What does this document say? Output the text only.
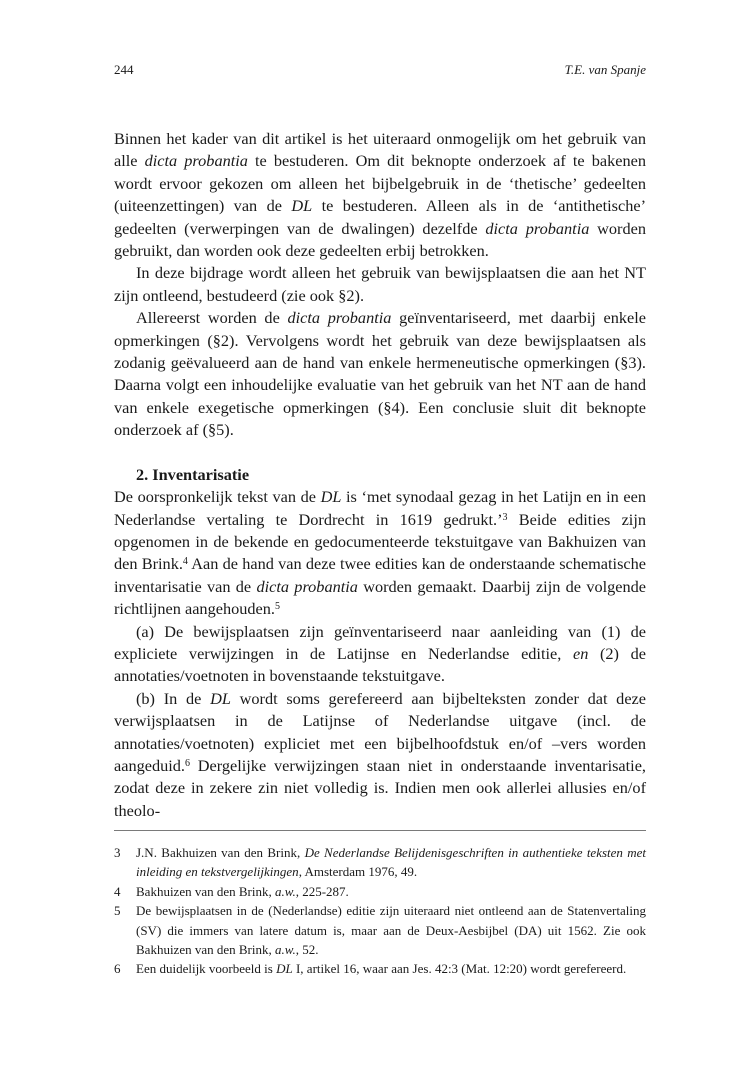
244	T.E. van Spanje

Binnen het kader van dit artikel is het uiteraard onmogelijk om het gebruik van alle dicta probantia te bestuderen. Om dit beknopte onderzoek af te bakenen wordt ervoor gekozen om alleen het bijbelgebruik in de ‘thetische’ gedeelten (uiteenzettingen) van de DL te bestuderen. Alleen als in de ‘antithetische’ gedeelten (verwerpingen van de dwalingen) dezelfde dicta probantia worden gebruikt, dan worden ook deze gedeelten erbij betrokken.

In deze bijdrage wordt alleen het gebruik van bewijsplaatsen die aan het NT zijn ontleend, bestudeerd (zie ook §2).

Allereerst worden de dicta probantia geïnventariseerd, met daarbij enkele opmerkingen (§2). Vervolgens wordt het gebruik van deze bewijsplaatsen als zodanig geëvalueerd aan de hand van enkele hermeneutische opmerkingen (§3). Daarna volgt een inhoudelijke evaluatie van het gebruik van het NT aan de hand van enkele exegetische opmerkingen (§4). Een conclusie sluit dit beknopte onderzoek af (§5).

2. Inventarisatie

De oorspronkelijk tekst van de DL is ‘met synodaal gezag in het Latijn en in een Nederlandse vertaling te Dordrecht in 1619 gedrukt.’$^3$ Beide edities zijn opgenomen in de bekende en gedocumenteerde tekstuitgave van Bakhuizen van den Brink.$^4$ Aan de hand van deze twee edities kan de onderstaande schematische inventarisatie van de dicta probantia worden gemaakt. Daarbij zijn de volgende richtlijnen aangehouden.$^5$

(a) De bewijsplaatsen zijn geïnventariseerd naar aanleiding van (1) de expliciete verwijzingen in de Latijnse en Nederlandse editie, en (2) de annotaties/voetnoten in bovenstaande tekstuitgave.

(b) In de DL wordt soms gerefereerd aan bijbelteksten zonder dat deze verwijsplaatsen in de Latijnse of Nederlandse uitgave (incl. de annotaties/voetnoten) expliciet met een bijbelhoofdstuk en/of –vers worden aangeduid.$^6$ Dergelijke verwijzingen staan niet in onderstaande inventarisatie, zodat deze in zekere zin niet volledig is. Indien men ook allerlei allusies en/of theolo-

3 J.N. Bakhuizen van den Brink, De Nederlandse Belijdenisgeschriften in authentieke teksten met inleiding en tekstvergelijkingen, Amsterdam 1976, 49.
4 Bakhuizen van den Brink, a.w., 225-287.
5 De bewijsplaatsen in de (Nederlandse) editie zijn uiteraard niet ontleend aan de Statenvertaling (SV) die immers van latere datum is, maar aan de Deux-Aesbijbel (DA) uit 1562. Zie ook Bakhuizen van den Brink, a.w., 52.
6 Een duidelijk voorbeeld is DL I, artikel 16, waar aan Jes. 42:3 (Mat. 12:20) wordt gerefereerd.
